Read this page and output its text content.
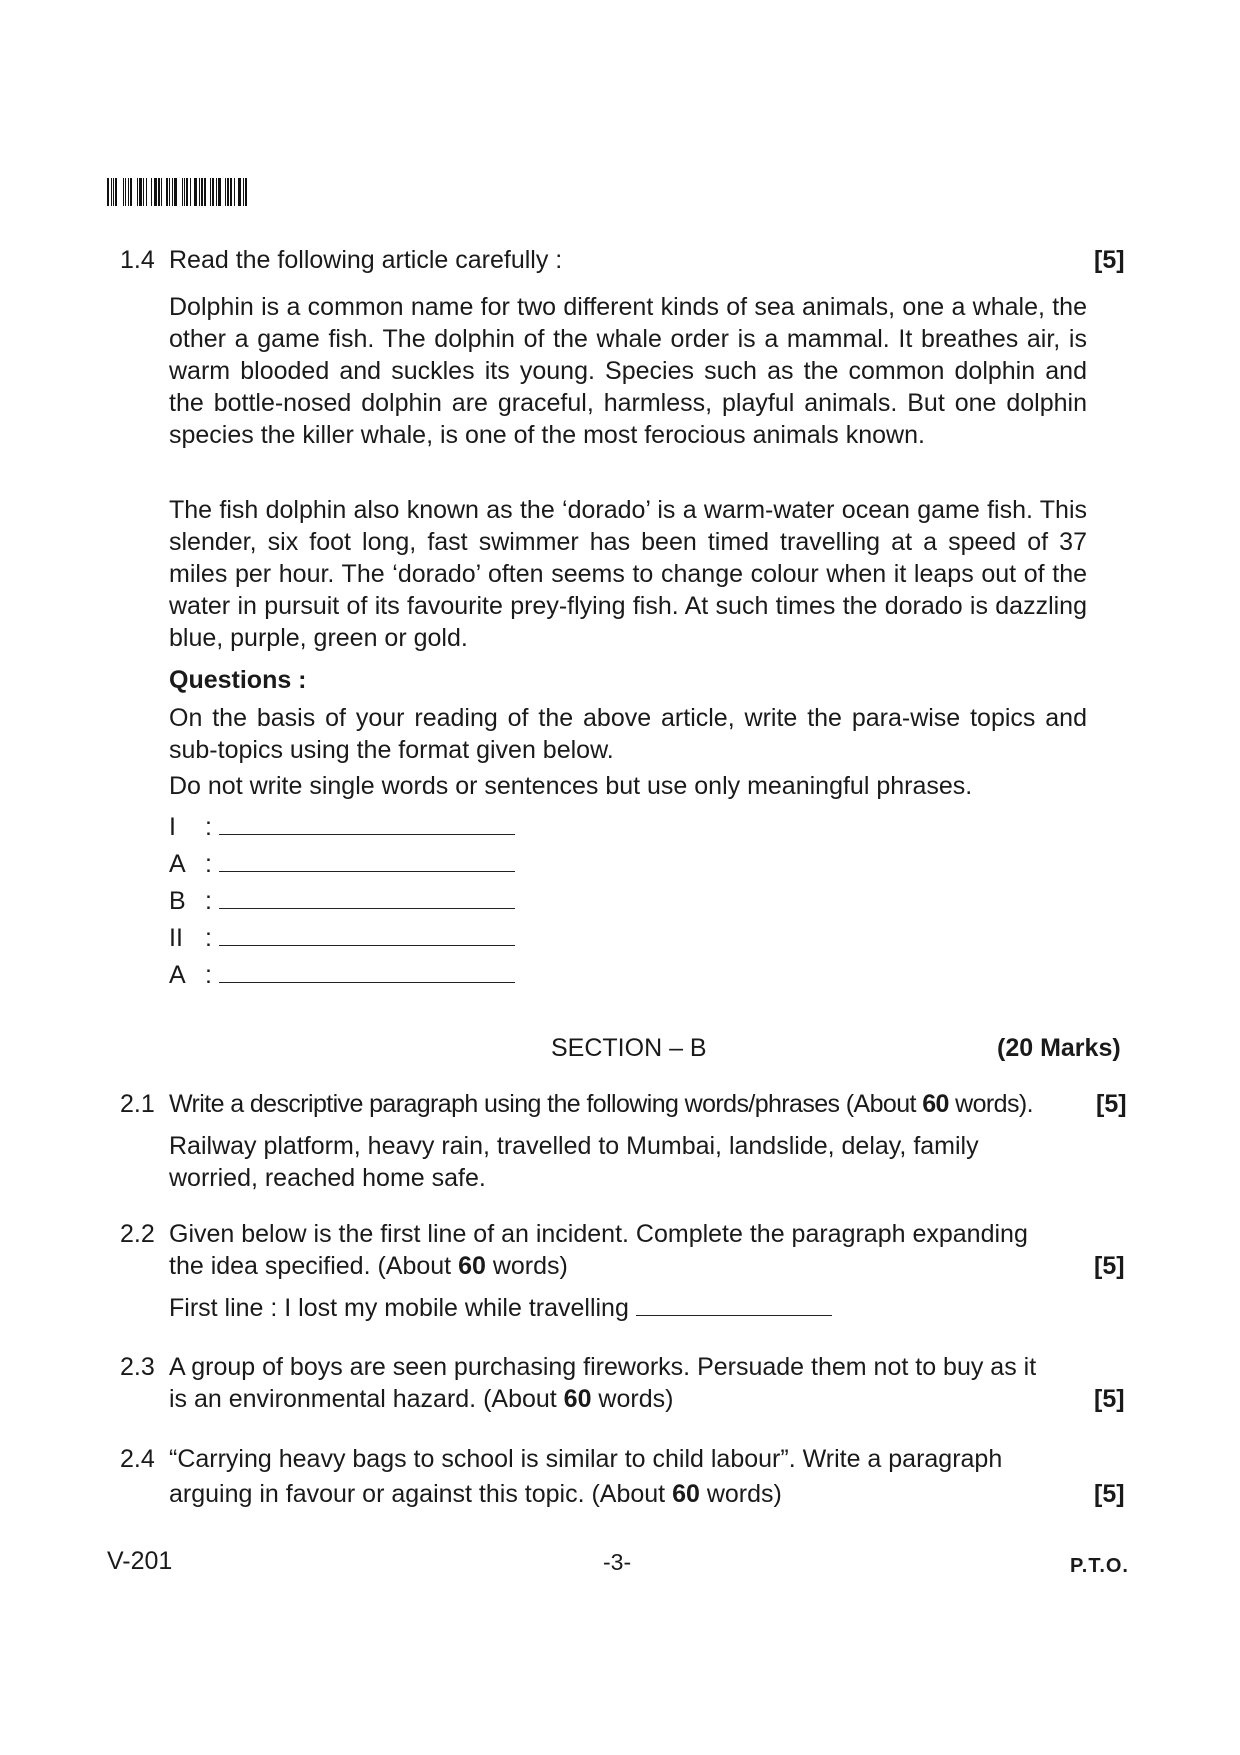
1.4 Read the following article carefully :	[5]
Dolphin is a common name for two different kinds of sea animals, one a whale, the other a game fish. The dolphin of the whale order is a mammal. It breathes air, is warm blooded and suckles its young. Species such as the common dolphin and the bottle-nosed dolphin are graceful, harmless, playful animals. But one dolphin species the killer whale, is one of the most ferocious animals known.
The fish dolphin also known as the ‘dorado’ is a warm-water ocean game fish. This slender, six foot long, fast swimmer has been timed travelling at a speed of 37 miles per hour. The ‘dorado’ often seems to change colour when it leaps out of the water in pursuit of its favourite prey-flying fish. At such times the dorado is dazzling blue, purple, green or gold.
Questions :
On the basis of your reading of the above article, write the para-wise topics and sub-topics using the format given below.
Do not write single words or sentences but use only meaningful phrases.
I	:
A :
B :
II :
A :
SECTION – B	(20 Marks)
2.1 Write a descriptive paragraph using the following words/phrases (About 60 words).	[5]
Railway platform, heavy rain, travelled to Mumbai, landslide, delay, family worried, reached home safe.
2.2 Given below is the first line of an incident. Complete the paragraph expanding
the idea specified. (About 60 words)	[5]
First line : I lost my mobile while travelling
2.3 A group of boys are seen purchasing fireworks. Persuade them not to buy as it
is an environmental hazard. (About 60 words)	[5]
2.4 “Carrying heavy bags to school is similar to child labour”. Write a paragraph
arguing in favour or against this topic. (About 60 words)	[5]
V-201	-3-	P.T.O.
